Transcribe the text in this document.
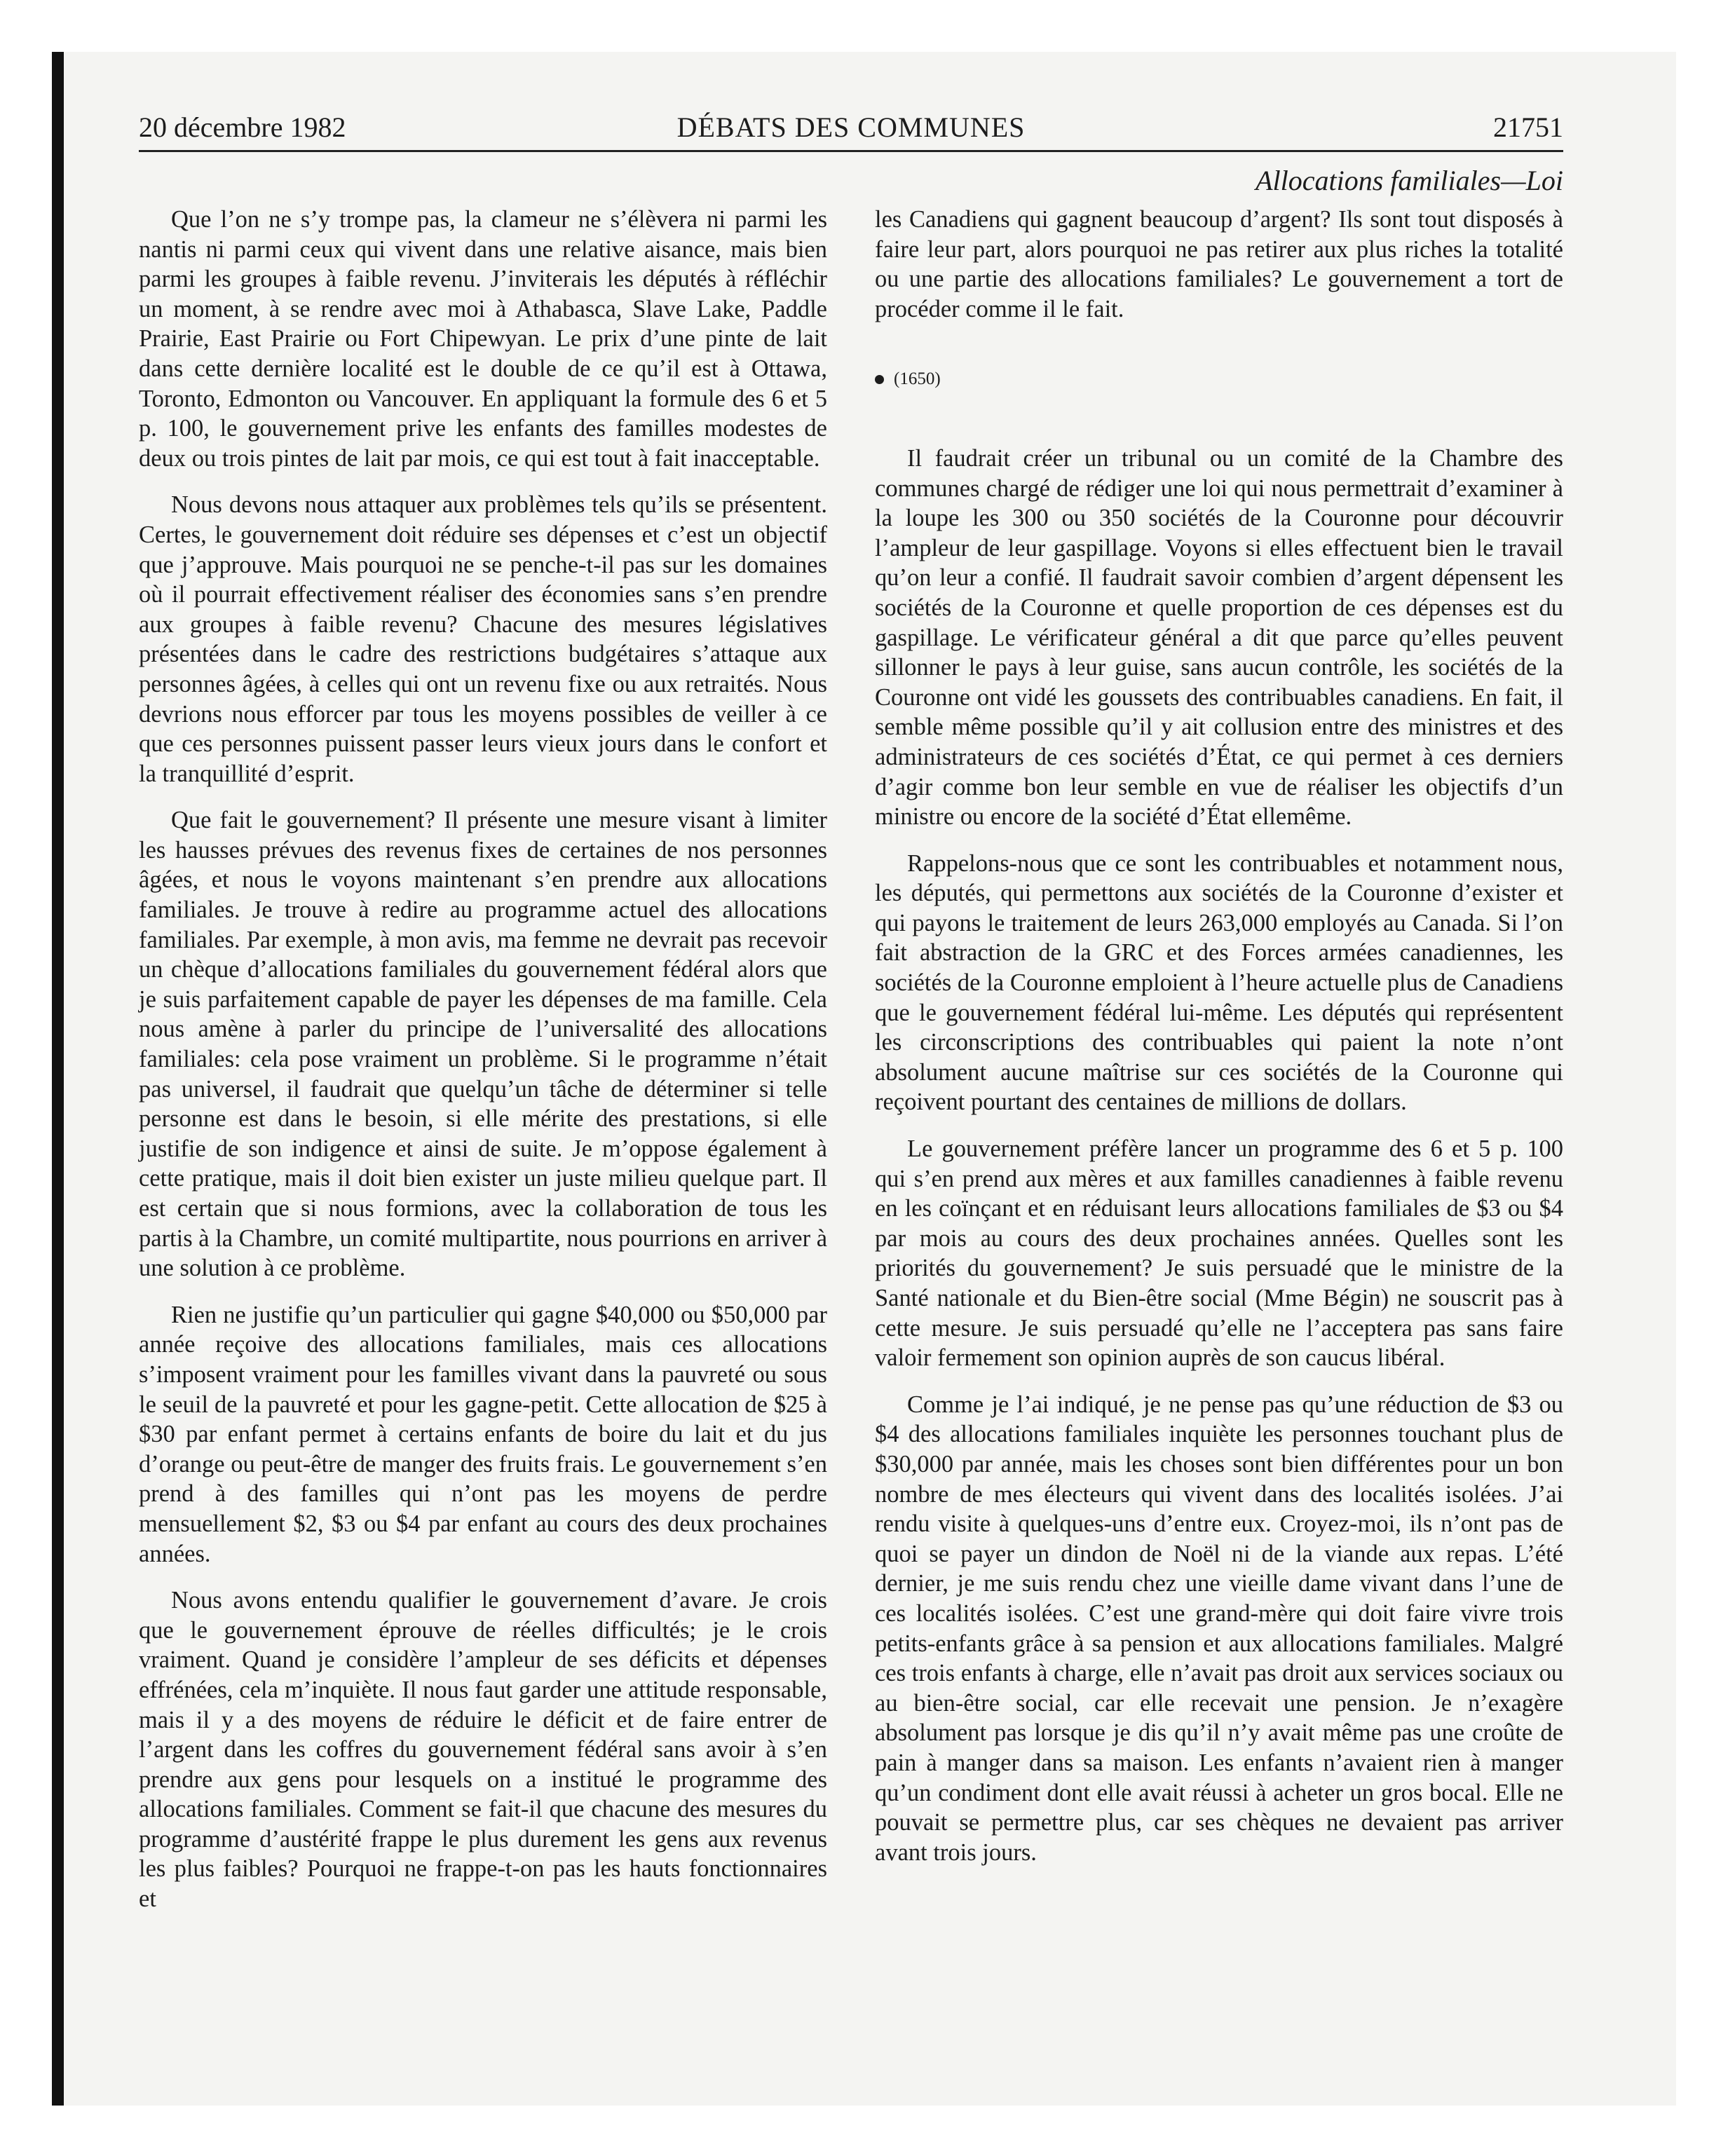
20 décembre 1982	DÉBATS DES COMMUNES	21751
Allocations familiales—Loi

Que l’on ne s’y trompe pas, la clameur ne s’élèvera ni parmi les nantis ni parmi ceux qui vivent dans une relative aisance, mais bien parmi les groupes à faible revenu. J’inviterais les députés à réfléchir un moment, à se rendre avec moi à Athabasca, Slave Lake, Paddle Prairie, East Prairie ou Fort Chipewyan. Le prix d’une pinte de lait dans cette dernière localité est le double de ce qu’il est à Ottawa, Toronto, Edmonton ou Vancouver. En appliquant la formule des 6 et 5 p. 100, le gouvernement prive les enfants des familles modestes de deux ou trois pintes de lait par mois, ce qui est tout à fait inacceptable.

Nous devons nous attaquer aux problèmes tels qu’ils se présentent. Certes, le gouvernement doit réduire ses dépenses et c’est un objectif que j’approuve. Mais pourquoi ne se penche-t-il pas sur les domaines où il pourrait effectivement réaliser des économies sans s’en prendre aux groupes à faible revenu? Chacune des mesures législatives présentées dans le cadre des restrictions budgétaires s’attaque aux personnes âgées, à celles qui ont un revenu fixe ou aux retraités. Nous devrions nous efforcer par tous les moyens possibles de veiller à ce que ces personnes puissent passer leurs vieux jours dans le confort et la tranquillité d’esprit.

Que fait le gouvernement? Il présente une mesure visant à limiter les hausses prévues des revenus fixes de certaines de nos personnes âgées, et nous le voyons maintenant s’en prendre aux allocations familiales. Je trouve à redire au programme actuel des allocations familiales. Par exemple, à mon avis, ma femme ne devrait pas recevoir un chèque d’allocations familiales du gouvernement fédéral alors que je suis parfaitement capable de payer les dépenses de ma famille. Cela nous amène à parler du principe de l’universalité des allocations familiales: cela pose vraiment un problème. Si le programme n’était pas universel, il faudrait que quelqu’un tâche de déterminer si telle personne est dans le besoin, si elle mérite des prestations, si elle justifie de son indigence et ainsi de suite. Je m’oppose également à cette pratique, mais il doit bien exister un juste milieu quelque part. Il est certain que si nous formions, avec la collaboration de tous les partis à la Chambre, un comité multipartite, nous pourrions en arriver à une solution à ce problème.

Rien ne justifie qu’un particulier qui gagne $40,000 ou $50,000 par année reçoive des allocations familiales, mais ces allocations s’imposent vraiment pour les familles vivant dans la pauvreté ou sous le seuil de la pauvreté et pour les gagne-petit. Cette allocation de $25 à $30 par enfant permet à certains enfants de boire du lait et du jus d’orange ou peut-être de manger des fruits frais. Le gouvernement s’en prend à des familles qui n’ont pas les moyens de perdre mensuellement $2, $3 ou $4 par enfant au cours des deux prochaines années.

Nous avons entendu qualifier le gouvernement d’avare. Je crois que le gouvernement éprouve de réelles difficultés; je le crois vraiment. Quand je considère l’ampleur de ses déficits et dépenses effrénées, cela m’inquiète. Il nous faut garder une attitude responsable, mais il y a des moyens de réduire le déficit et de faire entrer de l’argent dans les coffres du gouvernement fédéral sans avoir à s’en prendre aux gens pour lesquels on a institué le programme des allocations familiales. Comment se fait-il que chacune des mesures du programme d’austérité frappe le plus durement les gens aux revenus les plus faibles? Pourquoi ne frappe-t-on pas les hauts fonctionnaires et

les Canadiens qui gagnent beaucoup d’argent? Ils sont tout disposés à faire leur part, alors pourquoi ne pas retirer aux plus riches la totalité ou une partie des allocations familiales? Le gouvernement a tort de procéder comme il le fait.

(1650)

Il faudrait créer un tribunal ou un comité de la Chambre des communes chargé de rédiger une loi qui nous permettrait d’examiner à la loupe les 300 ou 350 sociétés de la Couronne pour découvrir l’ampleur de leur gaspillage. Voyons si elles effectuent bien le travail qu’on leur a confié. Il faudrait savoir combien d’argent dépensent les sociétés de la Couronne et quelle proportion de ces dépenses est du gaspillage. Le vérificateur général a dit que parce qu’elles peuvent sillonner le pays à leur guise, sans aucun contrôle, les sociétés de la Couronne ont vidé les goussets des contribuables canadiens. En fait, il semble même possible qu’il y ait collusion entre des ministres et des administrateurs de ces sociétés d’État, ce qui permet à ces derniers d’agir comme bon leur semble en vue de réaliser les objectifs d’un ministre ou encore de la société d’État ellemême.

Rappelons-nous que ce sont les contribuables et notamment nous, les députés, qui permettons aux sociétés de la Couronne d’exister et qui payons le traitement de leurs 263,000 employés au Canada. Si l’on fait abstraction de la GRC et des Forces armées canadiennes, les sociétés de la Couronne emploient à l’heure actuelle plus de Canadiens que le gouvernement fédéral lui-même. Les députés qui représentent les circonscriptions des contribuables qui paient la note n’ont absolument aucune maîtrise sur ces sociétés de la Couronne qui reçoivent pourtant des centaines de millions de dollars.

Le gouvernement préfère lancer un programme des 6 et 5 p. 100 qui s’en prend aux mères et aux familles canadiennes à faible revenu en les coïnçant et en réduisant leurs allocations familiales de $3 ou $4 par mois au cours des deux prochaines années. Quelles sont les priorités du gouvernement? Je suis persuadé que le ministre de la Santé nationale et du Bien-être social (Mme Bégin) ne souscrit pas à cette mesure. Je suis persuadé qu’elle ne l’acceptera pas sans faire valoir fermement son opinion auprès de son caucus libéral.

Comme je l’ai indiqué, je ne pense pas qu’une réduction de $3 ou $4 des allocations familiales inquiète les personnes touchant plus de $30,000 par année, mais les choses sont bien différentes pour un bon nombre de mes électeurs qui vivent dans des localités isolées. J’ai rendu visite à quelques-uns d’entre eux. Croyez-moi, ils n’ont pas de quoi se payer un dindon de Noël ni de la viande aux repas. L’été dernier, je me suis rendu chez une vieille dame vivant dans l’une de ces localités isolées. C’est une grand-mère qui doit faire vivre trois petits-enfants grâce à sa pension et aux allocations familiales. Malgré ces trois enfants à charge, elle n’avait pas droit aux services sociaux ou au bien-être social, car elle recevait une pension. Je n’exagère absolument pas lorsque je dis qu’il n’y avait même pas une croûte de pain à manger dans sa maison. Les enfants n’avaient rien à manger qu’un condiment dont elle avait réussi à acheter un gros bocal. Elle ne pouvait se permettre plus, car ses chèques ne devaient pas arriver avant trois jours.
